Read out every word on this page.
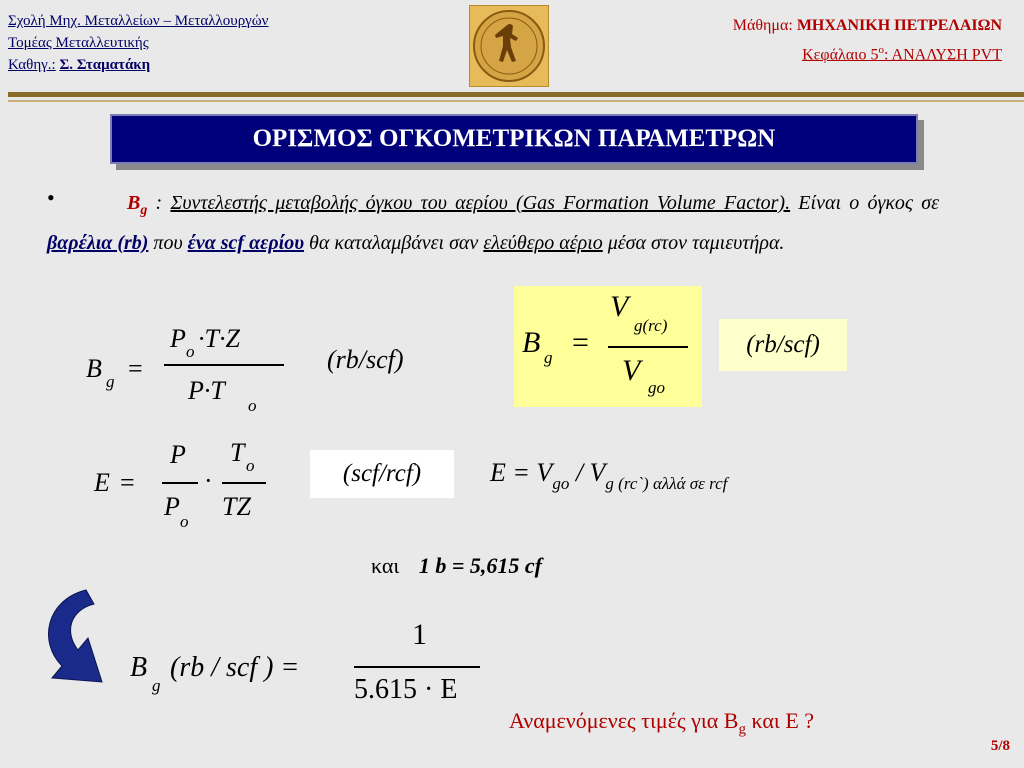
Σχολή Μηχ. Μεταλλείων – Μεταλλουργών
Τομέας Μεταλλευτικής
Καθηγ.: Σ. Σταματάκη
Μάθημα: ΜΗΧΑΝΙΚΗ ΠΕΤΡΕΛΑΙΩΝ
Κεφάλαιο $5^o$: ΑΝΑΛΥΣΗ PVT
ΟΡΙΣΜΟΣ ΟΓΚΟΜΕΤΡΙΚΩΝ ΠΑΡΑΜΕΤΡΩΝ
•	$B_g$ : Συντελεστής μεταβολής όγκου του αερίου (Gas Formation Volume Factor). Είναι ο όγκος σε βαρέλια (rb) που ένα scf αερίου θα καταλαμβάνει σαν ελεύθερο αέριο μέσα στον ταμιευτήρα.
B g =
V
g(rc)
V
go
(rb/scf)
B g =
P o ·T·Z
P·T
o
(rb/scf)
E =
P
P
o
·
T o
TZ
(scf/rcf)	$E = V_{go} / V_{g (rc`)}$ $_{\alpha\lambda\lambda ά \sigma\varepsilon rcf}$
και 1 b = 5,615 cf
B
g
(rb / scf ) =
1
5.615 · E
Αναμενόμενες τιμές για $B_g$ και E ?
5/8
